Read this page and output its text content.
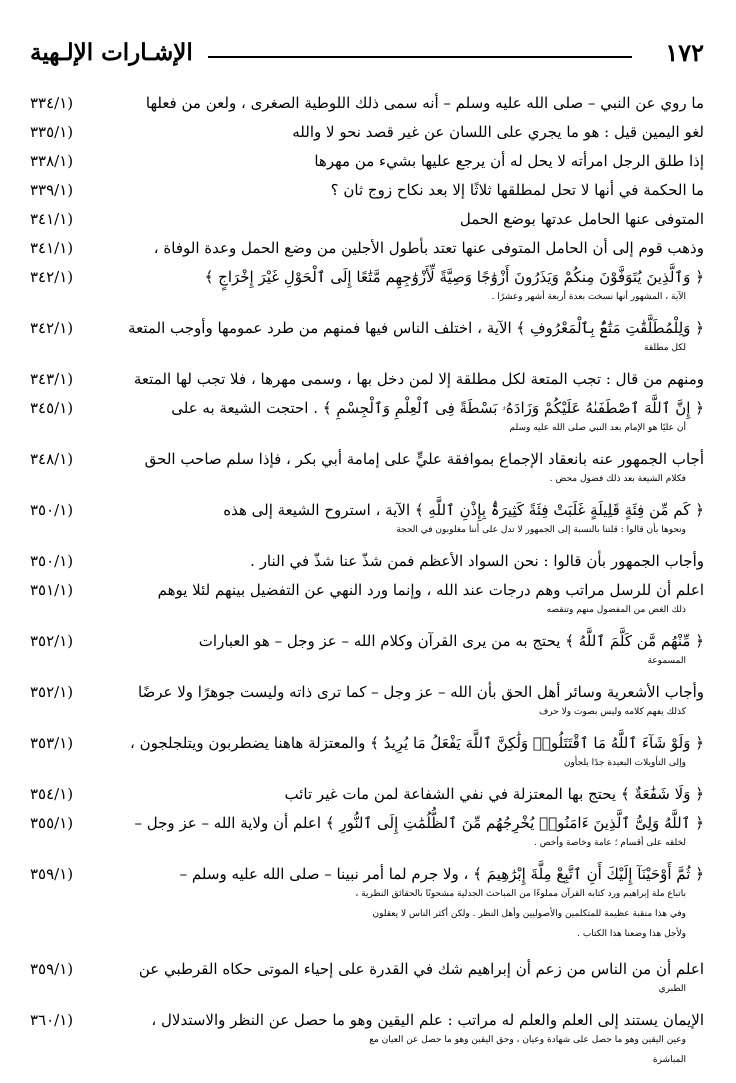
الإشـارات الإلـهية	١٧٢

ما روي عن النبي – صلى الله عليه وسلم – أنه سمى ذلك اللوطية الصغرى ، ولعن من فعلها

(٣٣٤/١

لغو اليمين قيل : هو ما يجري على اللسان عن غير قصد نحو لا والله

(٣٣٥/١

إذا طلق الرجل امرأته لا يحل له أن يرجع عليها بشيء من مهرها

(٣٣٨/١

ما الحكمة في أنها لا تحل لمطلقها ثلاثًا إلا بعد نكاح زوج ثان ؟

(٣٣٩/١

المتوفى عنها الحامل عدتها بوضع الحمل

(٣٤١/١

وذهب قوم إلى أن الحامل المتوفى عنها تعتد بأطول الأجلين من وضع الحمل وعدة الوفاة ،

(٣٤١/١

﴿ وَٱلَّذِينَ يُتَوَفَّوْنَ مِنكُمْ وَيَذَرُونَ أَزْوَٰجًا وَصِيَّةً لِّأَزْوَٰجِهِم مَّتَٰعًا إِلَى ٱلْحَوْلِ غَيْرَ إِخْرَاجٍ ﴾

الآية ، المشهور أنها نسخت بعدة أربعة أشهر وعشرًا .

(٣٤٢/١

﴿ وَلِلْمُطَلَّقَٰتِ مَتَٰعٌۢ بِٱلْمَعْرُوفِ ﴾ الآية ، اختلف الناس فيها فمنهم من طرد عمومها وأوجب المتعة

لكل مطلقة

(٣٤٢/١

ومنهم من قال : تجب المتعة لكل مطلقة إلا لمن دخل بها ، وسمى مهرها ، فلا تجب لها المتعة

(٣٤٣/١

﴿ إِنَّ ٱللَّهَ ٱصْطَفَىٰهُ عَلَيْكُمْ وَزَادَهُۥ بَسْطَةً فِى ٱلْعِلْمِ وَٱلْجِسْمِ ﴾ . احتجت الشيعة به على

أن عليًا هو الإمام بعد النبي صلى الله عليه وسلم

(٣٤٥/١

أجاب الجمهور عنه بانعقاد الإجماع بموافقة عليٍّ على إمامة أبي بكر ، فإذا سلم صاحب الحق

فكلام الشيعة بعد ذلك فضول محض .

(٣٤٨/١

﴿ كَم مِّن فِئَةٍ قَلِيلَةٍ غَلَبَتْ فِئَةً كَثِيرَةًۢ بِإِذْنِ ٱللَّهِ ﴾ الآية ، استروح الشيعة إلى هذه

ونحوها بأن قالوا : قلتنا بالنسبة إلى الجمهور لا تدل على أننا مغلوبون في الحجة

(٣٥٠/١

وأجاب الجمهور بأن قالوا : نحن السواد الأعظم فمن شذّ عنا شذّ في النار .

(٣٥٠/١

اعلم أن للرسل مراتب وهم درجات عند الله ، وإنما ورد النهي عن التفضيل بينهم لئلا يوهم

ذلك الغض من المفضول منهم وتنقصه

(٣٥١/١

﴿ مِّنْهُم مَّن كَلَّمَ ٱللَّهُ ﴾ يحتج به من يرى القرآن وكلام الله – عز وجل – هو العبارات

المسموعة

(٣٥٢/١

وأجاب الأشعرية وسائر أهل الحق بأن الله – عز وجل – كما ترى ذاته وليست جوهرًا ولا عرضًا

كذلك يفهم كلامه وليس بصوت ولا حرف

(٣٥٢/١

﴿ وَلَوْ شَآءَ ٱللَّهُ مَا ٱقْتَتَلُوا۟ وَلَٰكِنَّ ٱللَّهَ يَفْعَلُ مَا يُرِيدُ ﴾ والمعتزلة هاهنا يضطربون ويتلجلجون ،

وإلى التأويلات البعيدة جدًا يلجأون

(٣٥٣/١

﴿ وَلَا شَفَٰعَةٌ ﴾ يحتج بها المعتزلة في نفي الشفاعة لمن مات غير تائب

(٣٥٤/١

﴿ ٱللَّهُ وَلِىُّ ٱلَّذِينَ ءَامَنُوا۟ يُخْرِجُهُم مِّنَ ٱلظُّلُمَٰتِ إِلَى ٱلنُّورِ ﴾ اعلم أن ولاية الله – عز وجل –

لخلقه على أقسام ؛ عامة وخاصة وأخص .

(٣٥٥/١

﴿ ثُمَّ أَوْحَيْنَآ إِلَيْكَ أَنِ ٱتَّبِعْ مِلَّةَ إِبْرَٰهِيمَ ﴾ ، ولا جرم لما أمر نبينا – صلى الله عليه وسلم –

باتباع ملة إبراهيم ورد كتابه القرآن مملوءًا من المباحث الجدلية مشحونًا بالحقائق النظرية ،

وفي هذا منقبة عظيمة للمتكلمين والأصوليين وأهل النظر . ولكن أكثر الناس لا يعقلون

ولأجل هذا وضعنا هذا الكتاب .

(٣٥٩/١

اعلم أن من الناس من زعم أن إبراهيم شك في القدرة على إحياء الموتى حكاه القرطبي عن

الطبري

(٣٥٩/١

الإيمان يستند إلى العلم والعلم له مراتب : علم اليقين وهو ما حصل عن النظر والاستدلال ،

وعين اليقين وهو ما حصل على شهادة وعيان ، وحق اليقين وهو ما حصل عن العيان مع

المباشرة

(٣٦٠/١
